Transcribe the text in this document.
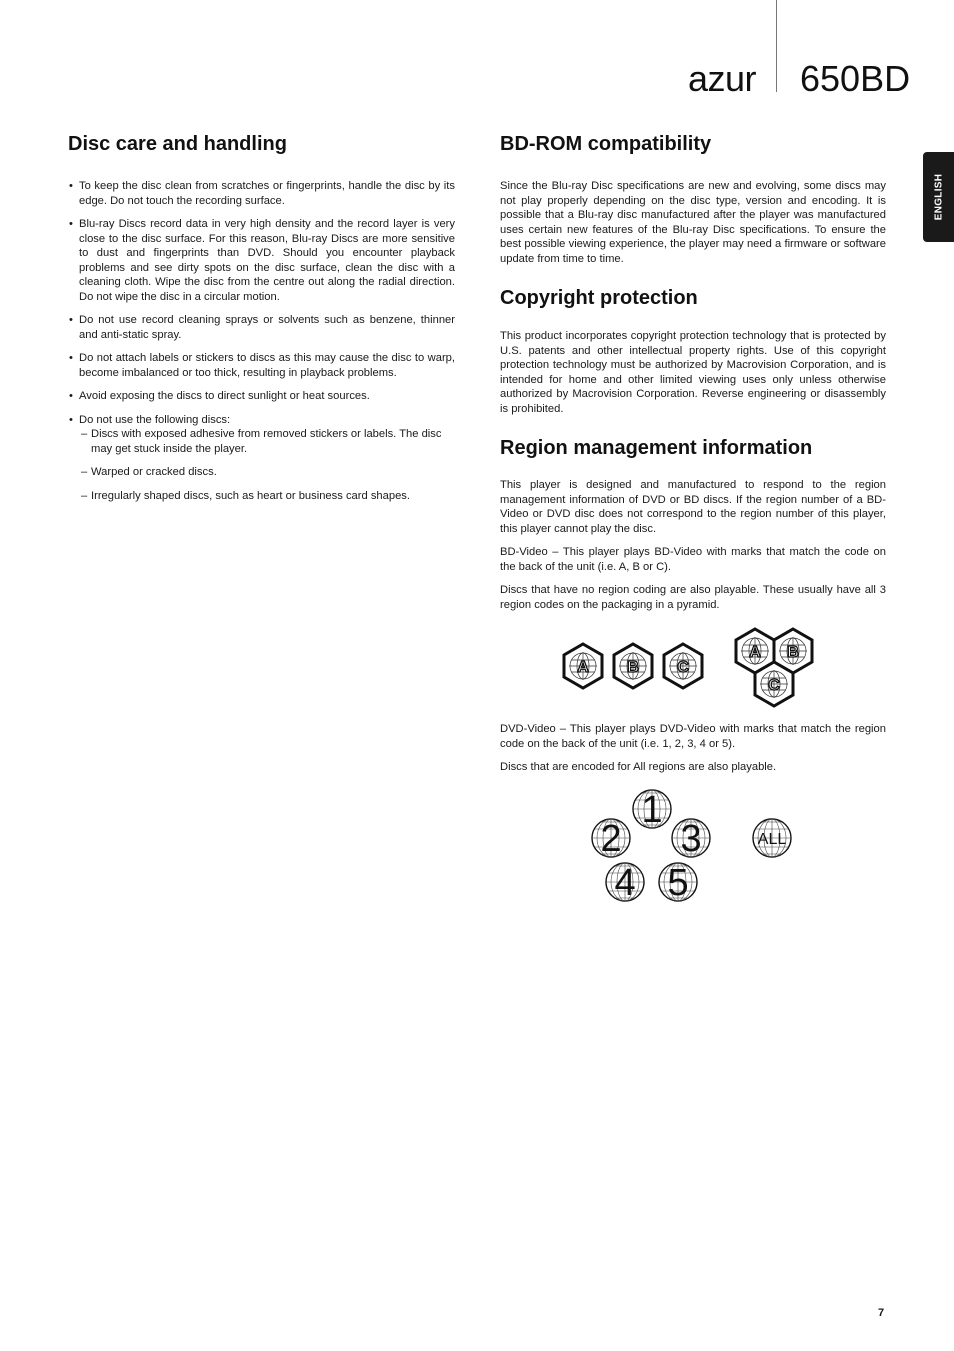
azur 650BD
ENGLISH
Disc care and handling
• To keep the disc clean from scratches or fingerprints, handle the disc by its edge. Do not touch the recording surface.
• Blu-ray Discs record data in very high density and the record layer is very close to the disc surface. For this reason, Blu-ray Discs are more sensitive to dust and fingerprints than DVD. Should you encounter playback problems and see dirty spots on the disc surface, clean the disc with a cleaning cloth. Wipe the disc from the centre out along the radial direction. Do not wipe the disc in a circular motion.
• Do not use record cleaning sprays or solvents such as benzene, thinner and anti-static spray.
• Do not attach labels or stickers to discs as this may cause the disc to warp, become imbalanced or too thick, resulting in playback problems.
• Avoid exposing the discs to direct sunlight or heat sources.
• Do not use the following discs:
– Discs with exposed adhesive from removed stickers or labels. The disc may get stuck inside the player.
– Warped or cracked discs.
– Irregularly shaped discs, such as heart or business card shapes.
BD-ROM compatibility

Since the Blu-ray Disc specifications are new and evolving, some discs may not play properly depending on the disc type, version and encoding. It is possible that a Blu-ray disc manufactured after the player was manufactured uses certain new features of the Blu-ray Disc specifications. To ensure the best possible viewing experience, the player may need a firmware or software update from time to time.

Copyright protection

This product incorporates copyright protection technology that is protected by U.S. patents and other intellectual property rights. Use of this copyright protection technology must be authorized by Macrovision Corporation, and is intended for home and other limited viewing uses only unless otherwise authorized by Macrovision Corporation. Reverse engineering or disassembly is prohibited.

Region management information

This player is designed and manufactured to respond to the region management information of DVD or BD discs. If the region number of a BD-Video or DVD disc does not correspond to the region number of this player, this player cannot play the disc.

BD-Video – This player plays BD-Video with marks that match the code on the back of the unit (i.e. A, B or C).

Discs that have no region coding are also playable. These usually have all 3 region codes on the packaging in a pyramid.

A B C
A B
C

DVD-Video – This player plays DVD-Video with marks that match the region code on the back of the unit (i.e. 1, 2, 3, 4 or 5).

Discs that are encoded for All regions are also playable.

1
2 3
4 5
ALL
7
